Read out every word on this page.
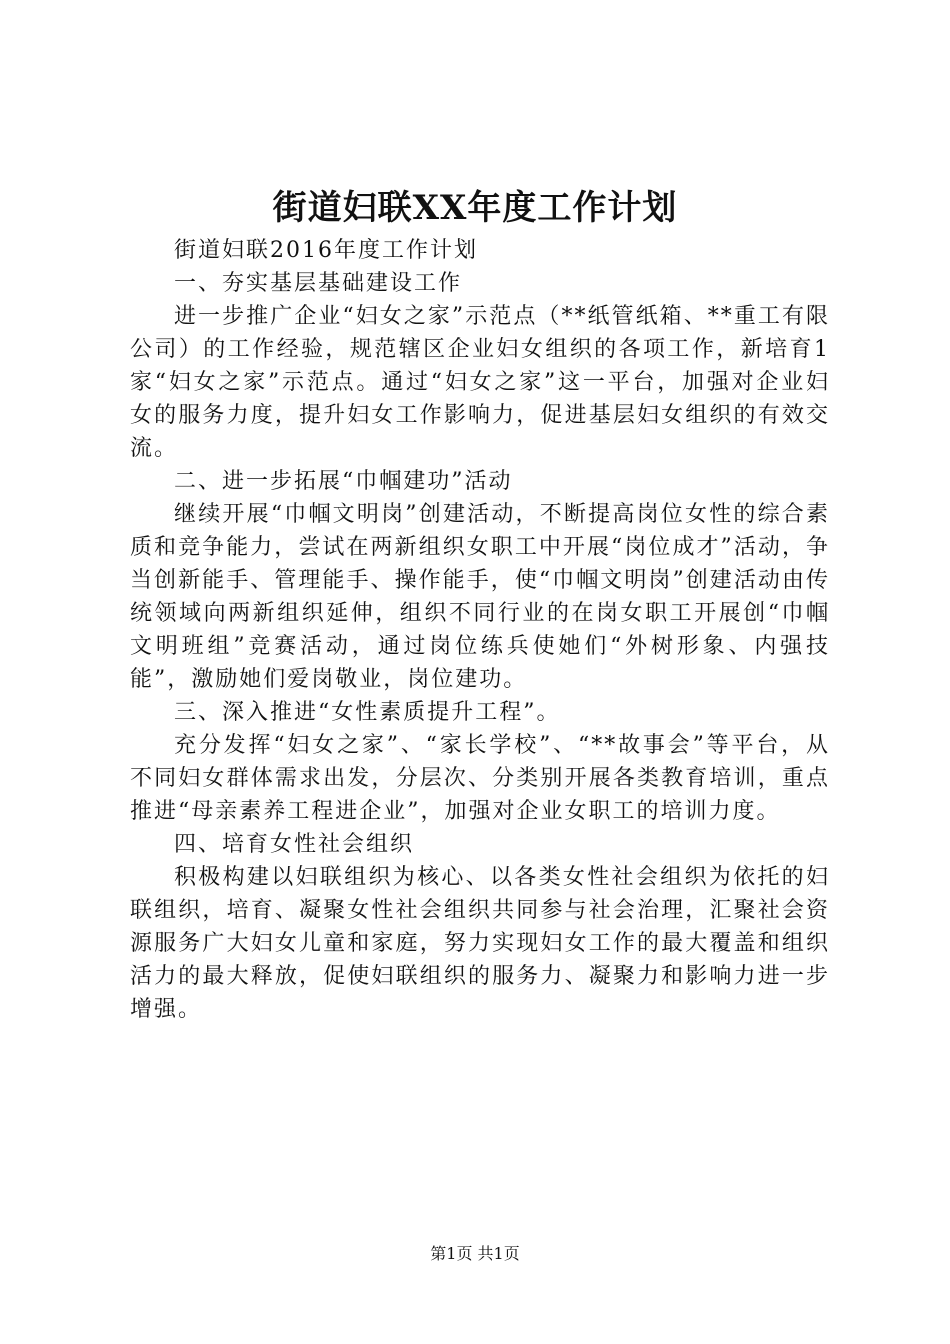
街道妇联XX年度工作计划

街道妇联2016年度工作计划

一、夯实基层基础建设工作

进一步推广企业“妇女之家”示范点（**纸管纸箱、**重工有限公司）的工作经验，规范辖区企业妇女组织的各项工作，新培育1家“妇女之家”示范点。通过“妇女之家”这一平台，加强对企业妇女的服务力度，提升妇女工作影响力，促进基层妇女组织的有效交流。

二、进一步拓展“巾帼建功”活动

继续开展“巾帼文明岗”创建活动，不断提高岗位女性的综合素质和竞争能力，尝试在两新组织女职工中开展“岗位成才”活动，争当创新能手、管理能手、操作能手，使“巾帼文明岗”创建活动由传统领域向两新组织延伸，组织不同行业的在岗女职工开展创“巾帼文明班组”竞赛活动，通过岗位练兵使她们“外树形象、内强技能”，激励她们爱岗敬业，岗位建功。

三、深入推进“女性素质提升工程”。

充分发挥“妇女之家”、“家长学校”、“**故事会”等平台，从不同妇女群体需求出发，分层次、分类别开展各类教育培训，重点推进“母亲素养工程进企业”，加强对企业女职工的培训力度。

四、培育女性社会组织

积极构建以妇联组织为核心、以各类女性社会组织为依托的妇联组织，培育、凝聚女性社会组织共同参与社会治理，汇聚社会资源服务广大妇女儿童和家庭，努力实现妇女工作的最大覆盖和组织活力的最大释放，促使妇联组织的服务力、凝聚力和影响力进一步增强。

第1页 共1页
